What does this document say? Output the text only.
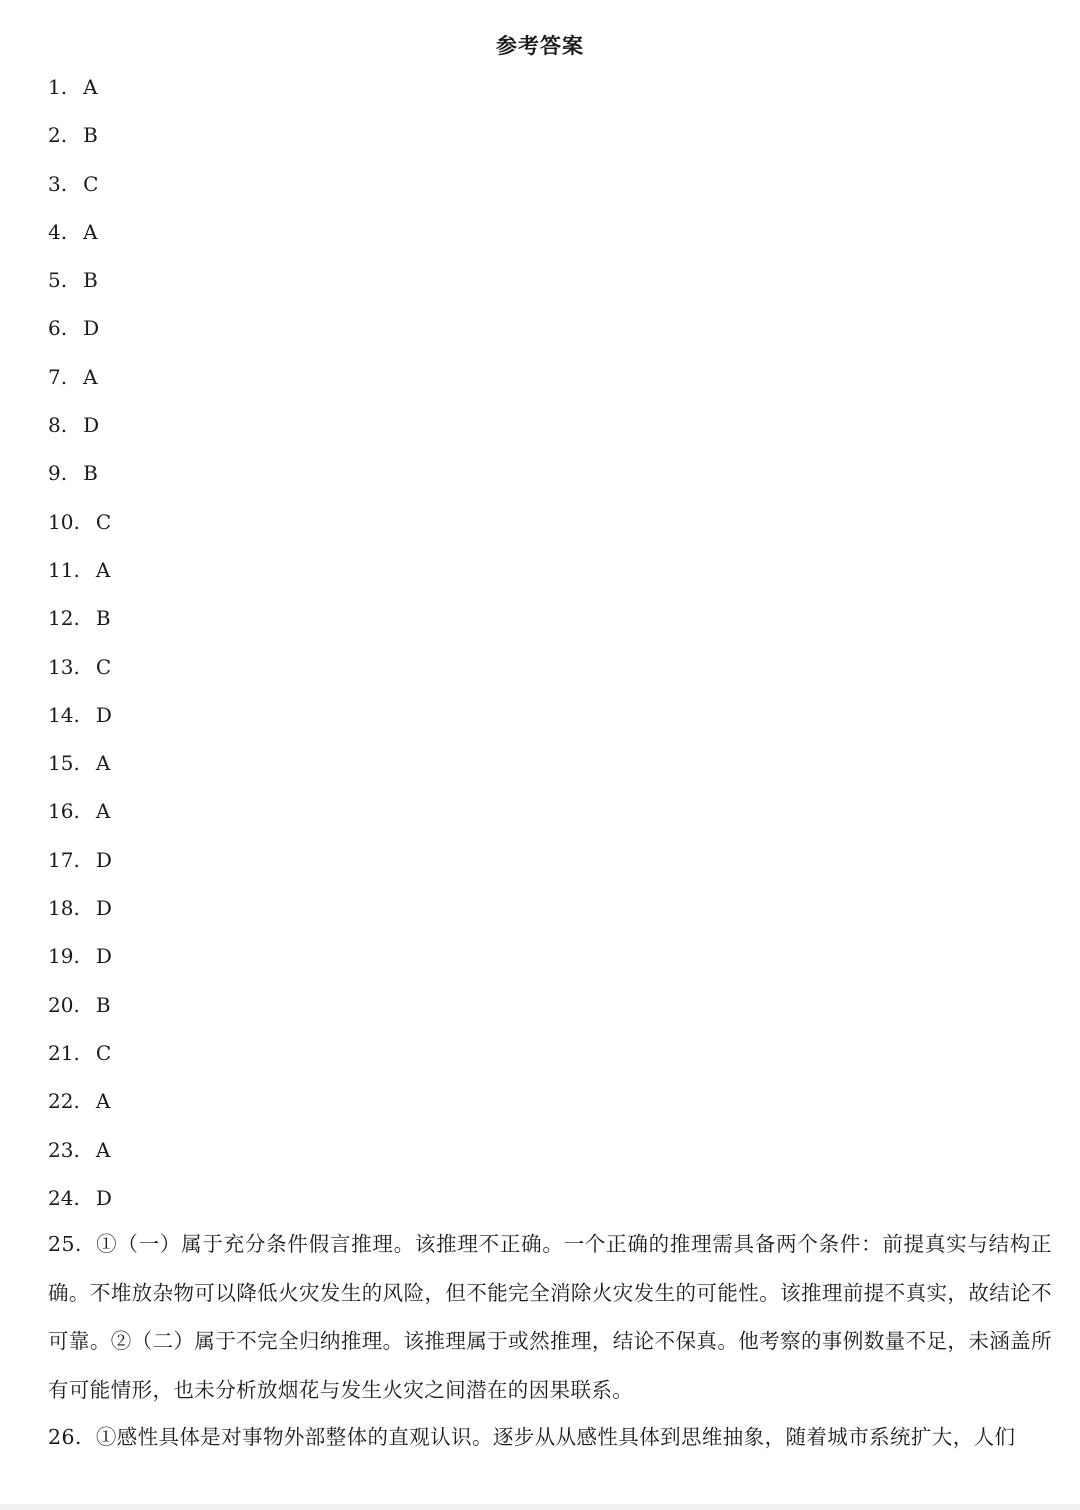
参考答案
1. A
2. B
3. C
4. A
5. B
6. D
7. A
8. D
9. B
10. C
11. A
12. B
13. C
14. D
15. A
16. A
17. D
18. D
19. D
20. B
21. C
22. A
23. A
24. D
25. ①（一）属于充分条件假言推理。该推理不正确。一个正确的推理需具备两个条件：前提真实与结构正确。不堆放杂物可以降低火灾发生的风险，但不能完全消除火灾发生的可能性。该推理前提不真实，故结论不可靠。②（二）属于不完全归纳推理。该推理属于或然推理，结论不保真。他考察的事例数量不足，未涵盖所有可能情形，也未分析放烟花与发生火灾之间潜在的因果联系。
26. ①感性具体是对事物外部整体的直观认识。逐步从从感性具体到思维抽象，随着城市系统扩大，人们
